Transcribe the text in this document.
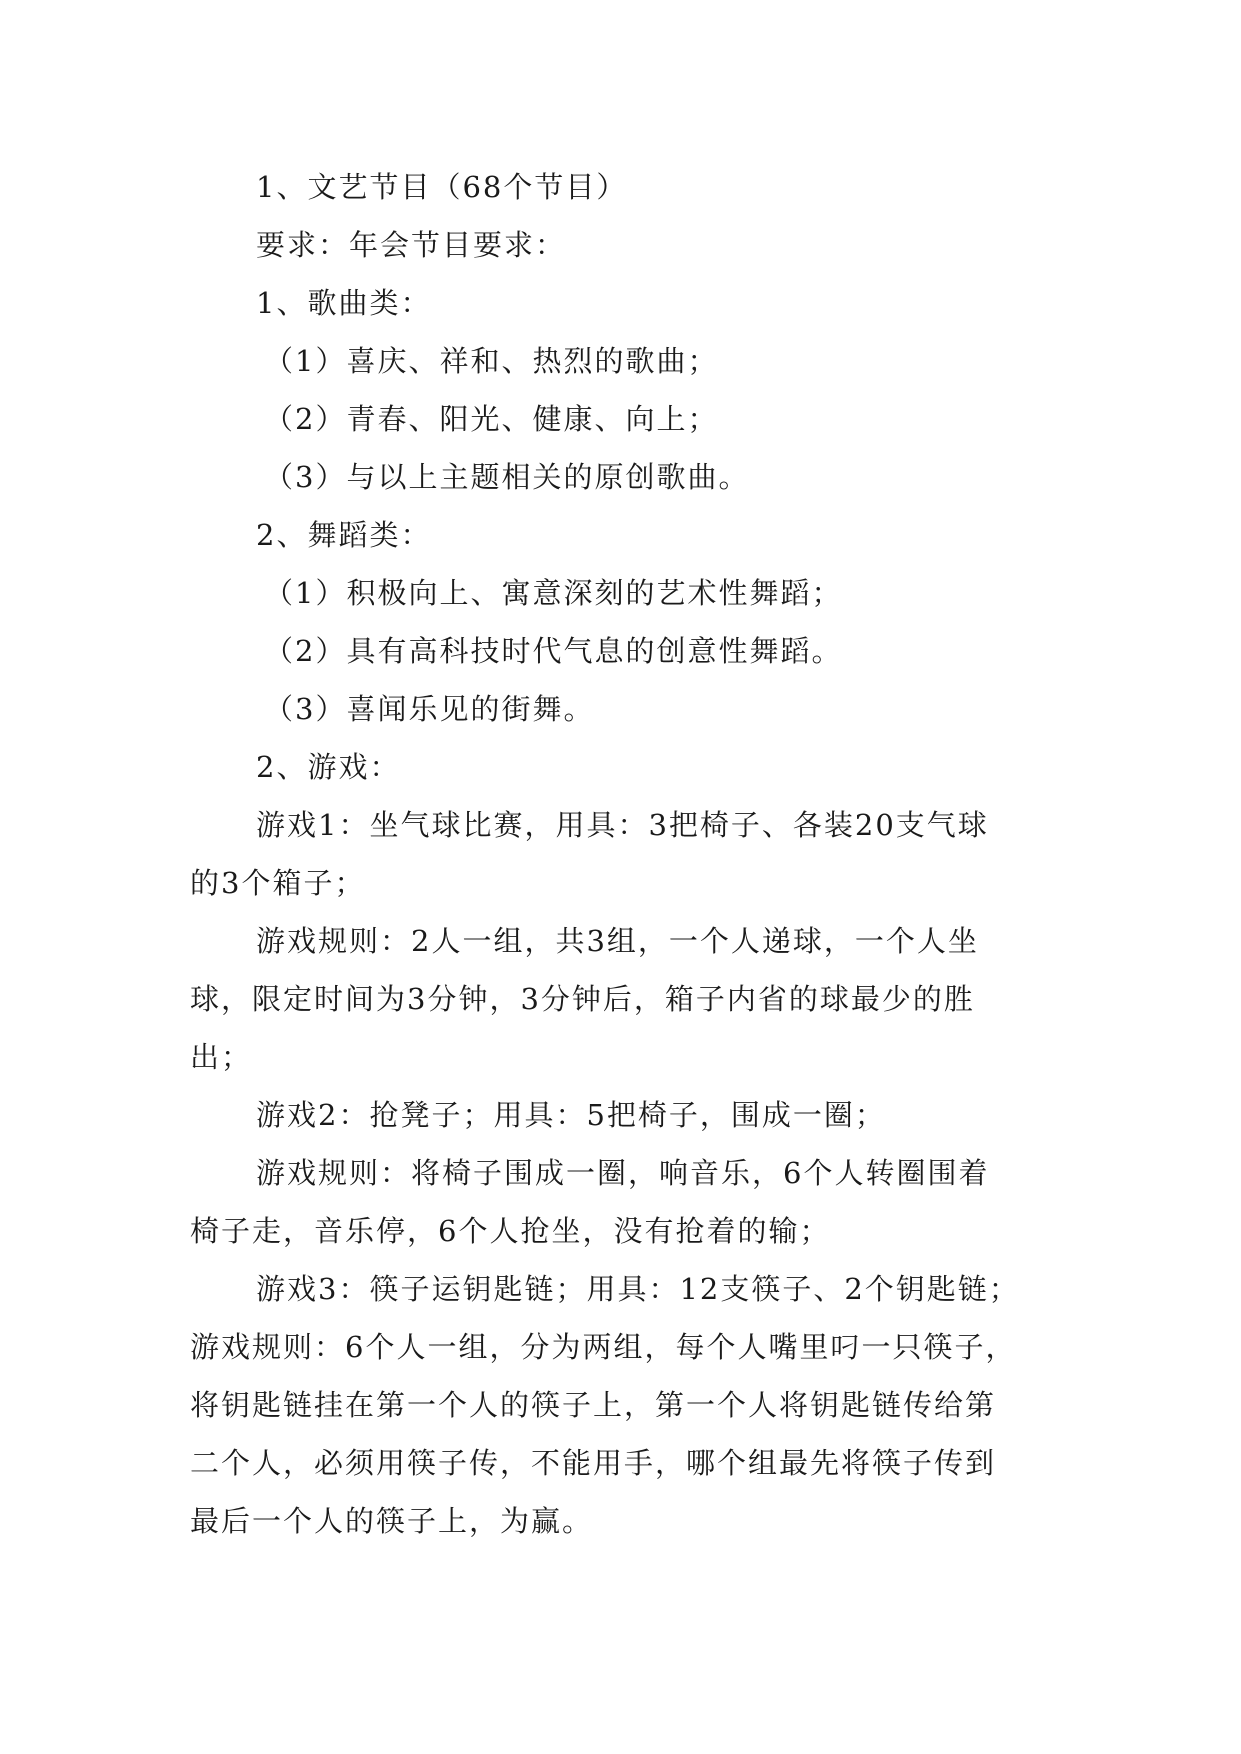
1、文艺节目（68个节目）
要求：年会节目要求：
1、歌曲类：
（1）喜庆、祥和、热烈的歌曲；
（2）青春、阳光、健康、向上；
（3）与以上主题相关的原创歌曲。
2、舞蹈类：
（1）积极向上、寓意深刻的艺术性舞蹈；
（2）具有高科技时代气息的创意性舞蹈。
（3）喜闻乐见的街舞。
2、游戏：
游戏1：坐气球比赛，用具：3把椅子、各装20支气球
的3个箱子；
游戏规则：2人一组，共3组，一个人递球，一个人坐
球，限定时间为3分钟，3分钟后，箱子内省的球最少的胜
出；
游戏2：抢凳子；用具：5把椅子，围成一圈；
游戏规则：将椅子围成一圈，响音乐，6个人转圈围着
椅子走，音乐停，6个人抢坐，没有抢着的输；
游戏3：筷子运钥匙链；用具：12支筷子、2个钥匙链；
游戏规则：6个人一组，分为两组，每个人嘴里叼一只筷子，
将钥匙链挂在第一个人的筷子上，第一个人将钥匙链传给第
二个人，必须用筷子传，不能用手，哪个组最先将筷子传到
最后一个人的筷子上，为赢。
